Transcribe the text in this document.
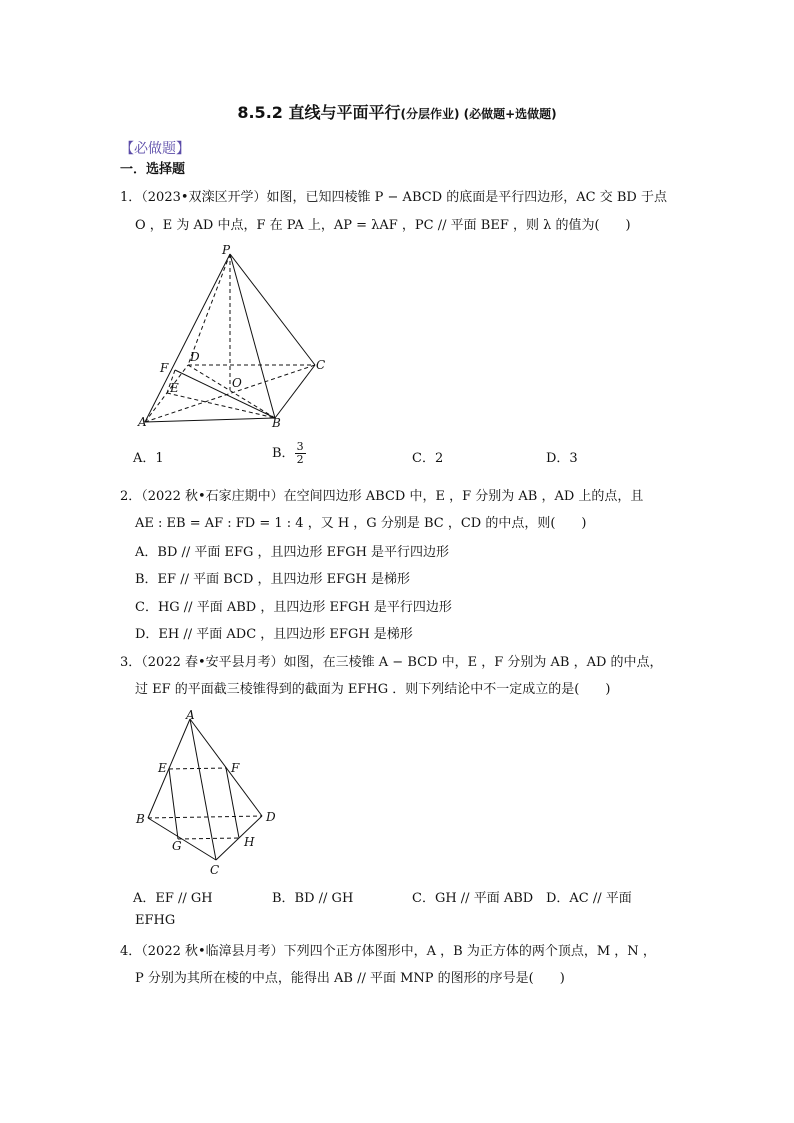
8.5.2 直线与平面平行(分层作业) (必做题+选做题)
【必做题】
一．选择题
1．（2023•双滦区开学）如图，已知四棱锥 P − ABCD 的底面是平行四边形，AC 交 BD 于点
O ，E 为 AD 中点，F 在 PA 上，AP = λAF ，PC // 平面 BEF ，则 λ 的值为(　　)
P
D
C
F
E	O
A	B
A．1	B． $\frac{3}{2}$	C．2	D．3
2．（2022 秋•石家庄期中）在空间四边形 ABCD 中，E ，F 分别为 AB ，AD 上的点，且
AE : EB = AF : FD = 1 : 4 ，又 H ，G 分别是 BC ，CD 的中点，则(　　)
A．BD // 平面 EFG ，且四边形 EFGH 是平行四边形
B．EF // 平面 BCD ，且四边形 EFGH 是梯形
C．HG // 平面 ABD ，且四边形 EFGH 是平行四边形
D．EH // 平面 ADC ，且四边形 EFGH 是梯形
3．（2022 春•安平县月考）如图，在三棱锥 A − BCD 中，E ，F 分别为 AB ，AD 的中点，
过 EF 的平面截三棱锥得到的截面为 EFHG ．则下列结论中不一定成立的是(　　)
A
E	F
B	D
G	H
C
A．EF // GH	B．BD // GH	C．GH // 平面 ABD D．AC // 平面
EFHG
4．（2022 秋•临漳县月考）下列四个正方体图形中，A ，B 为正方体的两个顶点，M ，N ，
P 分别为其所在棱的中点，能得出 AB // 平面 MNP 的图形的序号是(　　)
